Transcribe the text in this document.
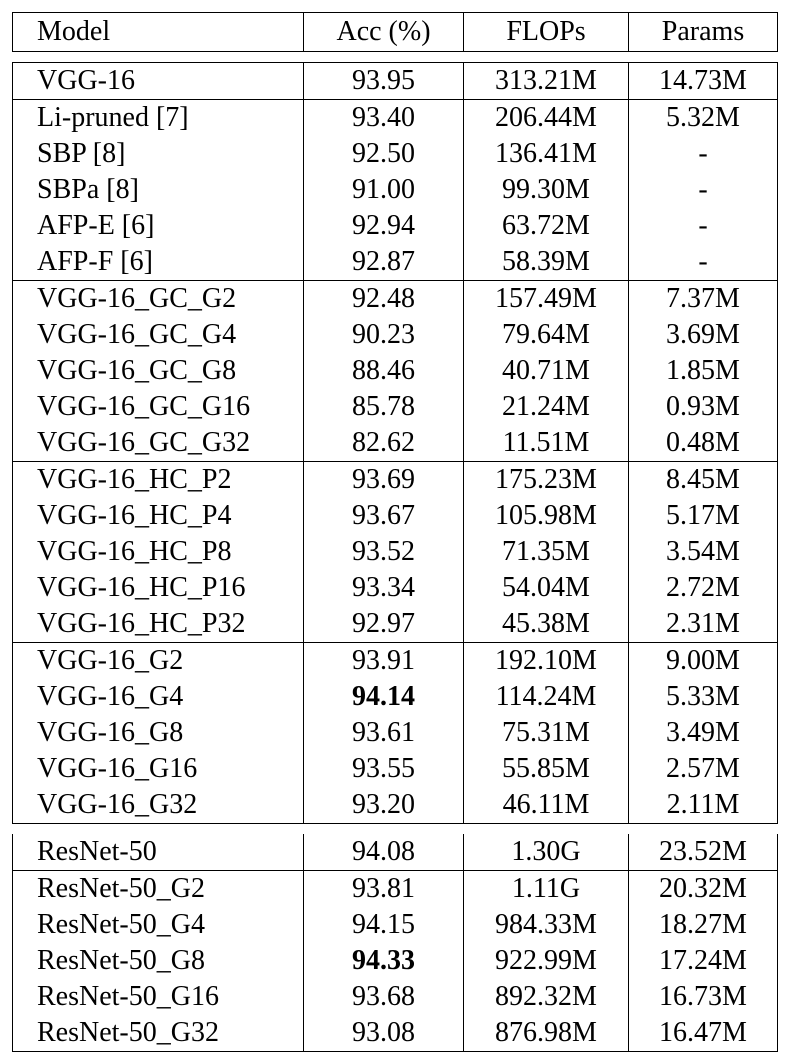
Model	Acc (%)	FLOPs	Params
VGG-16	93.95	313.21M	14.73M
Li-pruned [7]	93.40	206.44M	5.32M
SBP [8]	92.50	136.41M	-
SBPa [8]	91.00	99.30M	-
AFP-E [6]	92.94	63.72M	-
AFP-F [6]	92.87	58.39M	-
VGG-16_GC_G2	92.48	157.49M	7.37M
VGG-16_GC_G4	90.23	79.64M	3.69M
VGG-16_GC_G8	88.46	40.71M	1.85M
VGG-16_GC_G16	85.78	21.24M	0.93M
VGG-16_GC_G32	82.62	11.51M	0.48M
VGG-16_HC_P2	93.69	175.23M	8.45M
VGG-16_HC_P4	93.67	105.98M	5.17M
VGG-16_HC_P8	93.52	71.35M	3.54M
VGG-16_HC_P16	93.34	54.04M	2.72M
VGG-16_HC_P32	92.97	45.38M	2.31M
VGG-16_G2	93.91	192.10M	9.00M
VGG-16_G4	94.14	114.24M	5.33M
VGG-16_G8	93.61	75.31M	3.49M
VGG-16_G16	93.55	55.85M	2.57M
VGG-16_G32	93.20	46.11M	2.11M
ResNet-50	94.08	1.30G	23.52M
ResNet-50_G2	93.81	1.11G	20.32M
ResNet-50_G4	94.15	984.33M	18.27M
ResNet-50_G8	94.33	922.99M	17.24M
ResNet-50_G16	93.68	892.32M	16.73M
ResNet-50_G32	93.08	876.98M	16.47M
